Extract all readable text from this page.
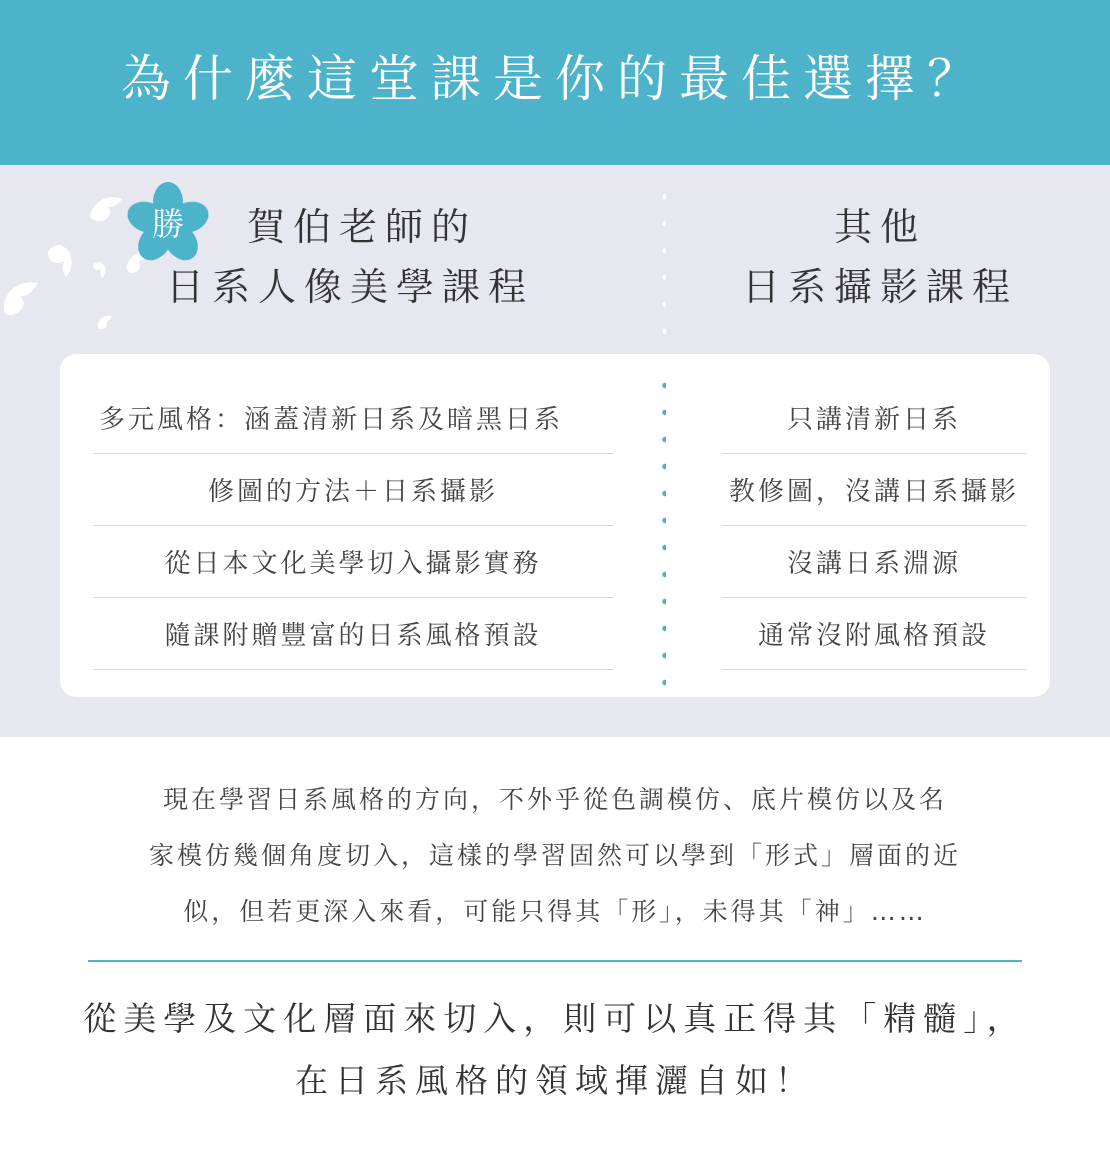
為什麼這堂課是你的最佳選擇？
賀伯老師的
日系人像美學課程
其他
日系攝影課程
勝
多元風格：涵蓋清新日系及暗黑日系
修圖的方法＋日系攝影
從日本文化美學切入攝影實務
隨課附贈豐富的日系風格預設
只講清新日系
教修圖，沒講日系攝影
沒講日系淵源
通常沒附風格預設
現在學習日系風格的方向，不外乎從色調模仿、底片模仿以及名
家模仿幾個角度切入，這樣的學習固然可以學到「形式」層面的近
似，但若更深入來看，可能只得其「形」，未得其「神」……
從美學及文化層面來切入，則可以真正得其「精髓」，
在日系風格的領域揮灑自如！
